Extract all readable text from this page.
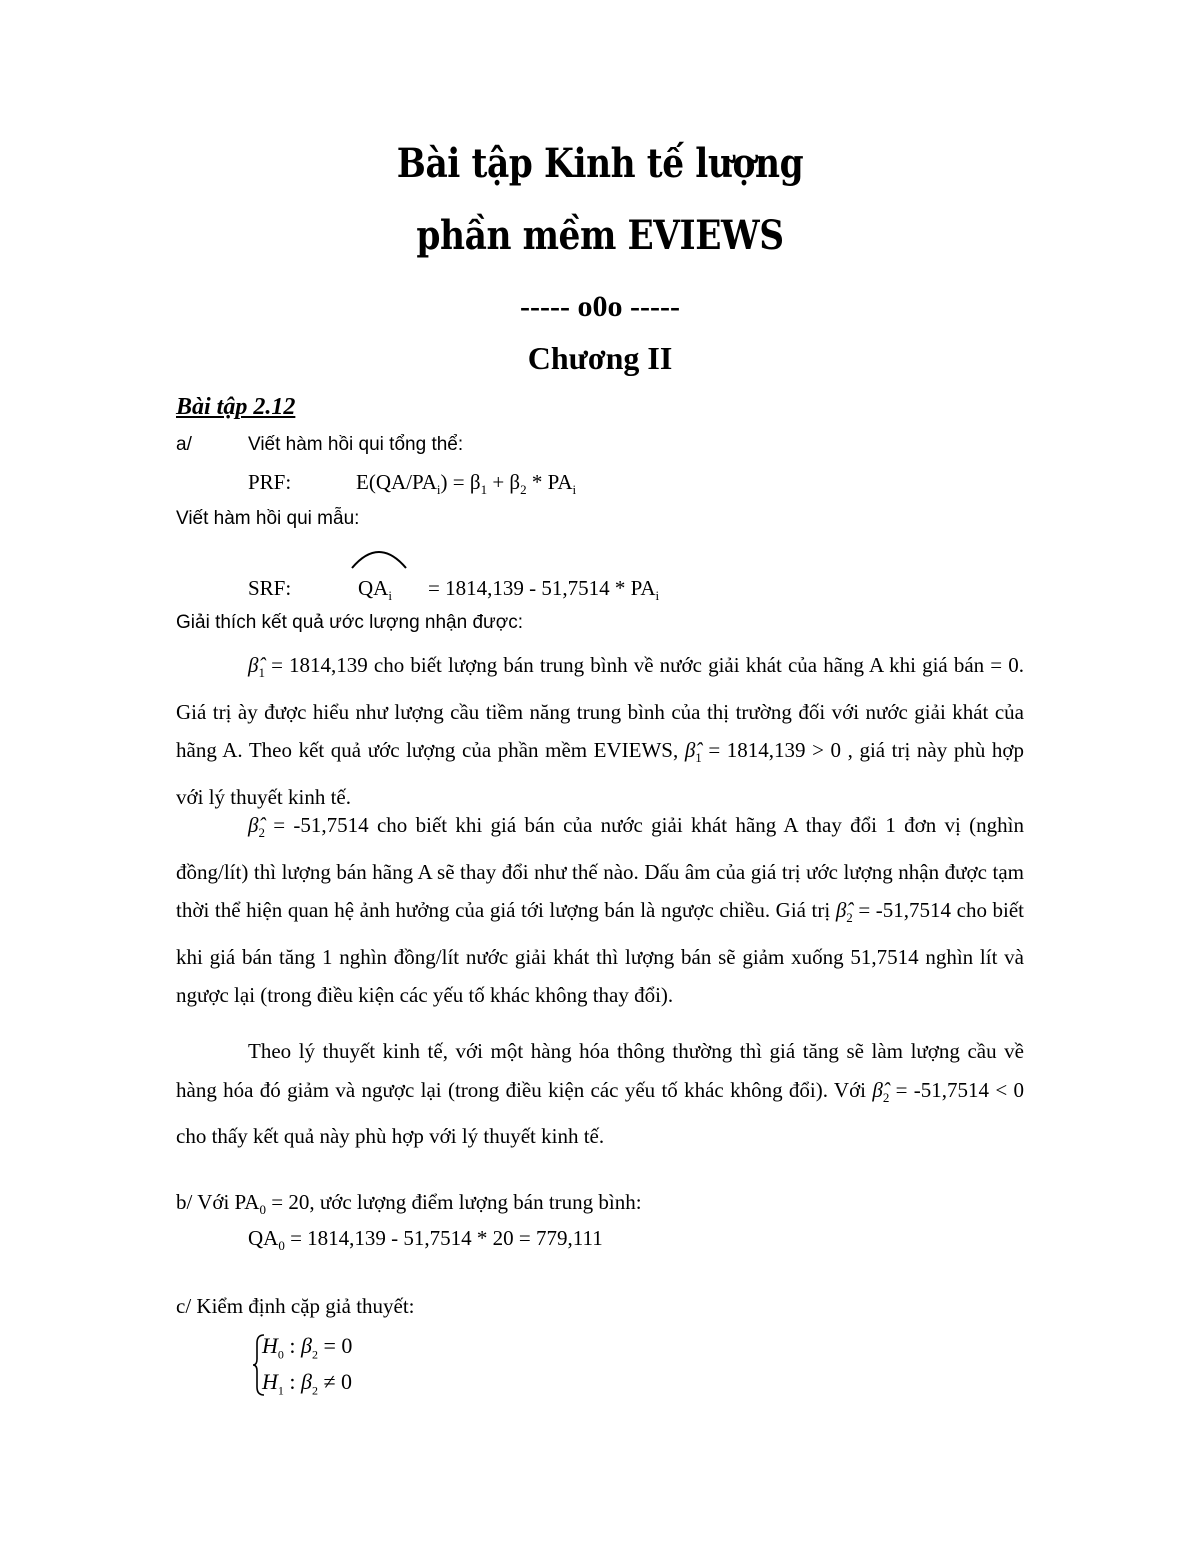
Bài tập Kinh tế lượng
phần mềm EVIEWS
----- o0o -----
Chương II
Bài tập 2.12
a/	Viết hàm hồi qui tổng thể:
PRF:	$E(QA/PA_i) = \beta_1 + \beta_2 * PA_i$
Viết hàm hồi qui mẫu:
SRF:	$QA_i = 1814,139 - 51,7514 * PA_i$
Giải thích kết quả ước lượng nhận được:
$\betâ_1 = 1814,139$ cho biết lượng bán trung bình về nước giải khát của hãng A khi giá bán = 0. Giá trị ày được hiểu như lượng cầu tiềm năng trung bình của thị trường đối với nước giải khát của hãng A. Theo kết quả ước lượng của phần mềm EVIEWS, $\betâ_1 = 1814,139 > 0$ , giá trị này phù hợp với lý thuyết kinh tế.
$\betâ_2 = -51,7514$ cho biết khi giá bán của nước giải khát hãng A thay đổi 1 đơn vị (nghìn đồng/lít) thì lượng bán hãng A sẽ thay đổi như thế nào. Dấu âm của giá trị ước lượng nhận được tạm thời thể hiện quan hệ ảnh hưởng của giá tới lượng bán là ngược chiều. Giá trị $\betâ_2 = -51,7514$ cho biết khi giá bán tăng 1 nghìn đồng/lít nước giải khát thì lượng bán sẽ giảm xuống 51,7514 nghìn lít và ngược lại (trong điều kiện các yếu tố khác không thay đổi).
Theo lý thuyết kinh tế, với một hàng hóa thông thường thì giá tăng sẽ làm lượng cầu về hàng hóa đó giảm và ngược lại (trong điều kiện các yếu tố khác không đổi). Với $\betâ_2 = -51,7514 < 0$ cho thấy kết quả này phù hợp với lý thuyết kinh tế.
b/ Với $PA_0 = 20$, ước lượng điểm lượng bán trung bình:
$QA_0 = 1814,139 - 51,7514 * 20 = 779,111$
c/ Kiểm định cặp giả thuyết:
$H_0$ : $\beta_2 = 0$
$H_1$ : $\beta_2 \ne 0$
